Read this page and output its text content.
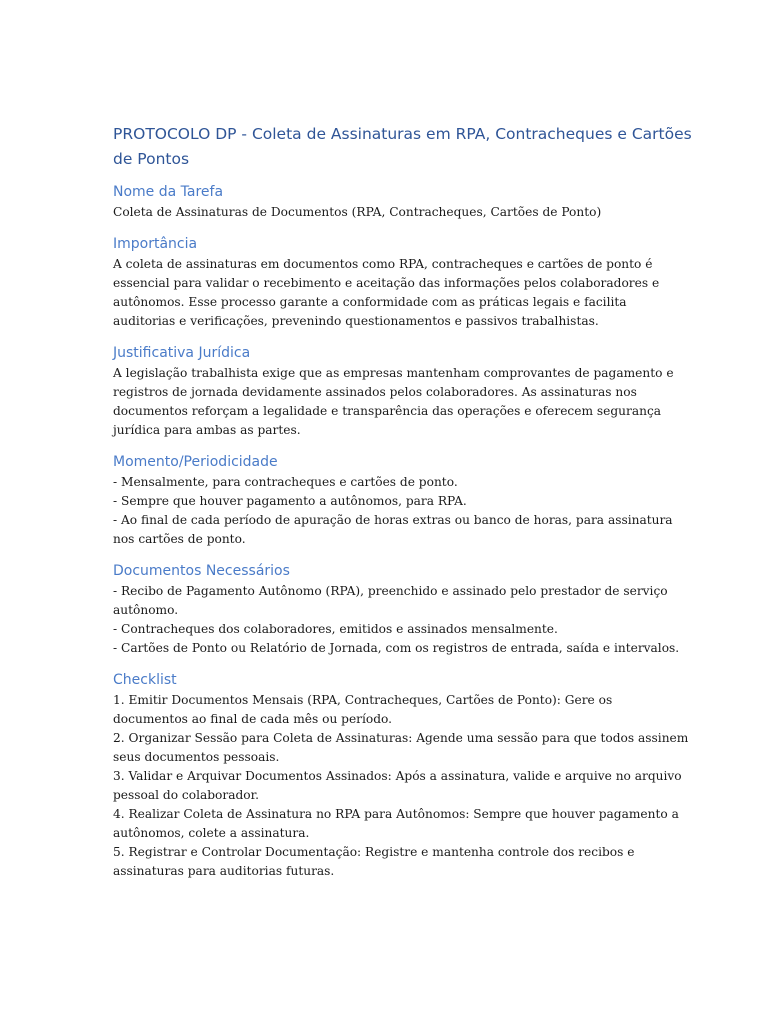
PROTOCOLO DP - Coleta de Assinaturas em RPA, Contracheques e Cartões
de Pontos
Nome da Tarefa
Coleta de Assinaturas de Documentos (RPA, Contracheques, Cartões de Ponto)
Importância
A coleta de assinaturas em documentos como RPA, contracheques e cartões de ponto é
essencial para validar o recebimento e aceitação das informações pelos colaboradores e
autônomos. Esse processo garante a conformidade com as práticas legais e facilita
auditorias e verificações, prevenindo questionamentos e passivos trabalhistas.
Justificativa Jurídica
A legislação trabalhista exige que as empresas mantenham comprovantes de pagamento e
registros de jornada devidamente assinados pelos colaboradores. As assinaturas nos
documentos reforçam a legalidade e transparência das operações e oferecem segurança
jurídica para ambas as partes.
Momento/Periodicidade
- Mensalmente, para contracheques e cartões de ponto.
- Sempre que houver pagamento a autônomos, para RPA.
- Ao final de cada período de apuração de horas extras ou banco de horas, para assinatura
nos cartões de ponto.
Documentos Necessários
- Recibo de Pagamento Autônomo (RPA), preenchido e assinado pelo prestador de serviço
autônomo.
- Contracheques dos colaboradores, emitidos e assinados mensalmente.
- Cartões de Ponto ou Relatório de Jornada, com os registros de entrada, saída e intervalos.
Checklist
1. Emitir Documentos Mensais (RPA, Contracheques, Cartões de Ponto): Gere os
documentos ao final de cada mês ou período.
2. Organizar Sessão para Coleta de Assinaturas: Agende uma sessão para que todos assinem
seus documentos pessoais.
3. Validar e Arquivar Documentos Assinados: Após a assinatura, valide e arquive no arquivo
pessoal do colaborador.
4. Realizar Coleta de Assinatura no RPA para Autônomos: Sempre que houver pagamento a
autônomos, colete a assinatura.
5. Registrar e Controlar Documentação: Registre e mantenha controle dos recibos e
assinaturas para auditorias futuras.
